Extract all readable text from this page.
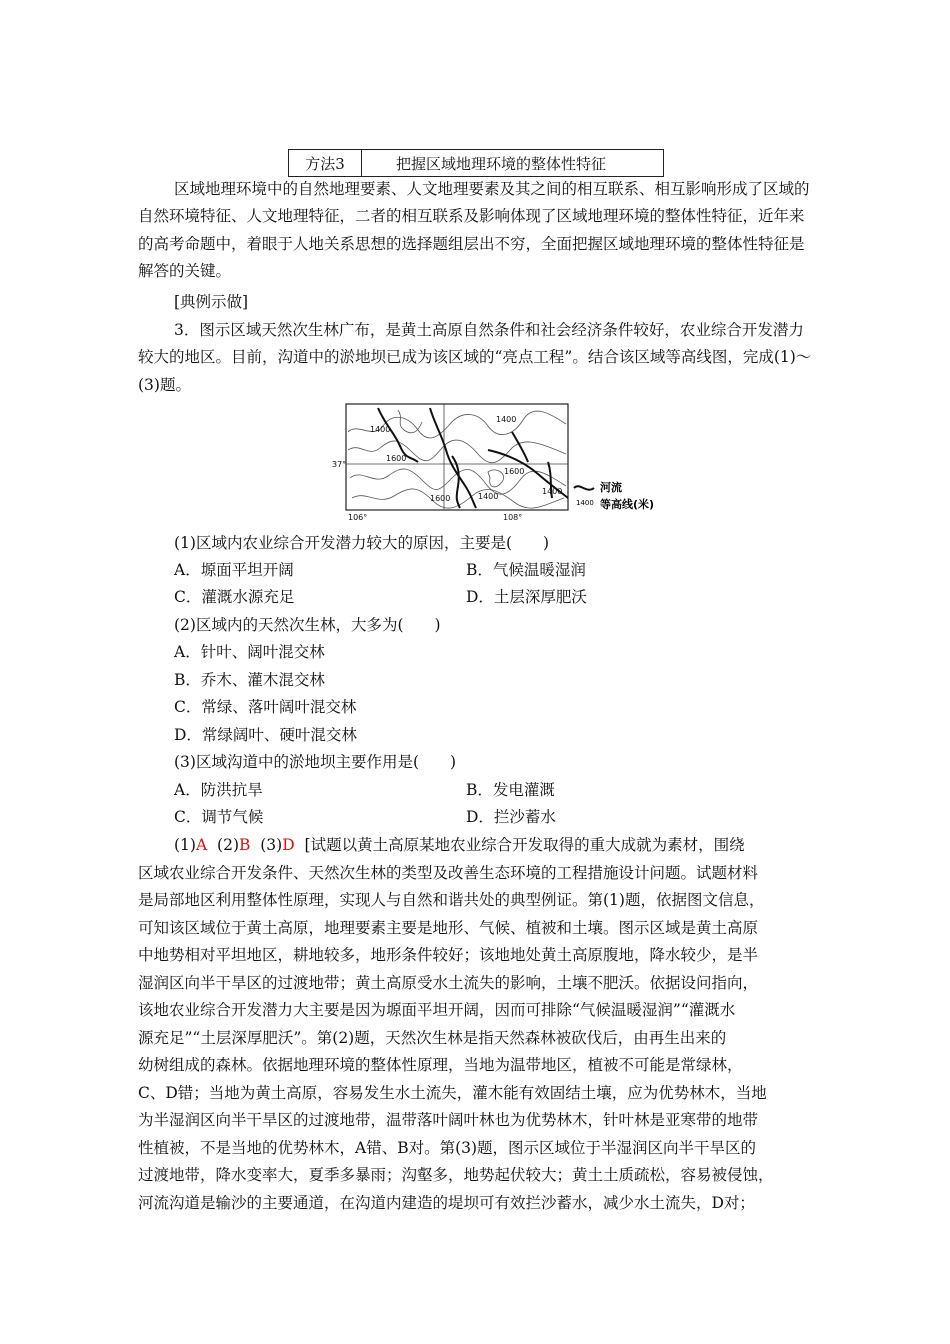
方法3	把握区域地理环境的整体性特征
区域地理环境中的自然地理要素、人文地理要素及其之间的相互联系、相互影响形成了区域的自然环境特征、人文地理特征，二者的相互联系及影响体现了区域地理环境的整体性特征，近年来的高考命题中，着眼于人地关系思想的选择题组层出不穷，全面把握区域地理环境的整体性特征是解答的关键。
[典例示做]
3．图示区域天然次生林广布，是黄土高原自然条件和社会经济条件较好，农业综合开发潜力较大的地区。目前，沟道中的淤地坝已成为该区域的“亮点工程”。结合该区域等高线图，完成(1)～(3)题。
1400
1400
1600
1600
1600	1400
1400
37°
106°	108°
河流
1400 等高线(米)
(1)区域内农业综合开发潜力较大的原因，主要是(　　)
A．塬面平坦开阔	B．气候温暖湿润
C．灌溉水源充足	D．土层深厚肥沃
(2)区域内的天然次生林，大多为(　　)
A．针叶、阔叶混交林
B．乔木、灌木混交林
C．常绿、落叶阔叶混交林
D．常绿阔叶、硬叶混交林
(3)区域沟道中的淤地坝主要作用是(　　)
A．防洪抗旱	B．发电灌溉
C．调节气候	D．拦沙蓄水
(1)A (2)B (3)D [试题以黄土高原某地农业综合开发取得的重大成就为素材，围绕
区域农业综合开发条件、天然次生林的类型及改善生态环境的工程措施设计问题。试题材料
是局部地区利用整体性原理，实现人与自然和谐共处的典型例证。第(1)题，依据图文信息，
可知该区域位于黄土高原，地理要素主要是地形、气候、植被和土壤。图示区域是黄土高原
中地势相对平坦地区，耕地较多，地形条件较好；该地地处黄土高原腹地，降水较少，是半
湿润区向半干旱区的过渡地带；黄土高原受水土流失的影响，土壤不肥沃。依据设问指向，
该地农业综合开发潜力大主要是因为塬面平坦开阔，因而可排除“气候温暖湿润”“灌溉水
源充足”“土层深厚肥沃”。第(2)题，天然次生林是指天然森林被砍伐后，由再生出来的
幼树组成的森林。依据地理环境的整体性原理，当地为温带地区，植被不可能是常绿林，
C、D错；当地为黄土高原，容易发生水土流失，灌木能有效固结土壤，应为优势林木，当地
为半湿润区向半干旱区的过渡地带，温带落叶阔叶林也为优势林木，针叶林是亚寒带的地带
性植被，不是当地的优势林木，A错、B对。第(3)题，图示区域位于半湿润区向半干旱区的
过渡地带，降水变率大，夏季多暴雨；沟壑多，地势起伏较大；黄土土质疏松，容易被侵蚀，
河流沟道是输沙的主要通道，在沟道内建造的堤坝可有效拦沙蓄水，减少水土流失，D对；
